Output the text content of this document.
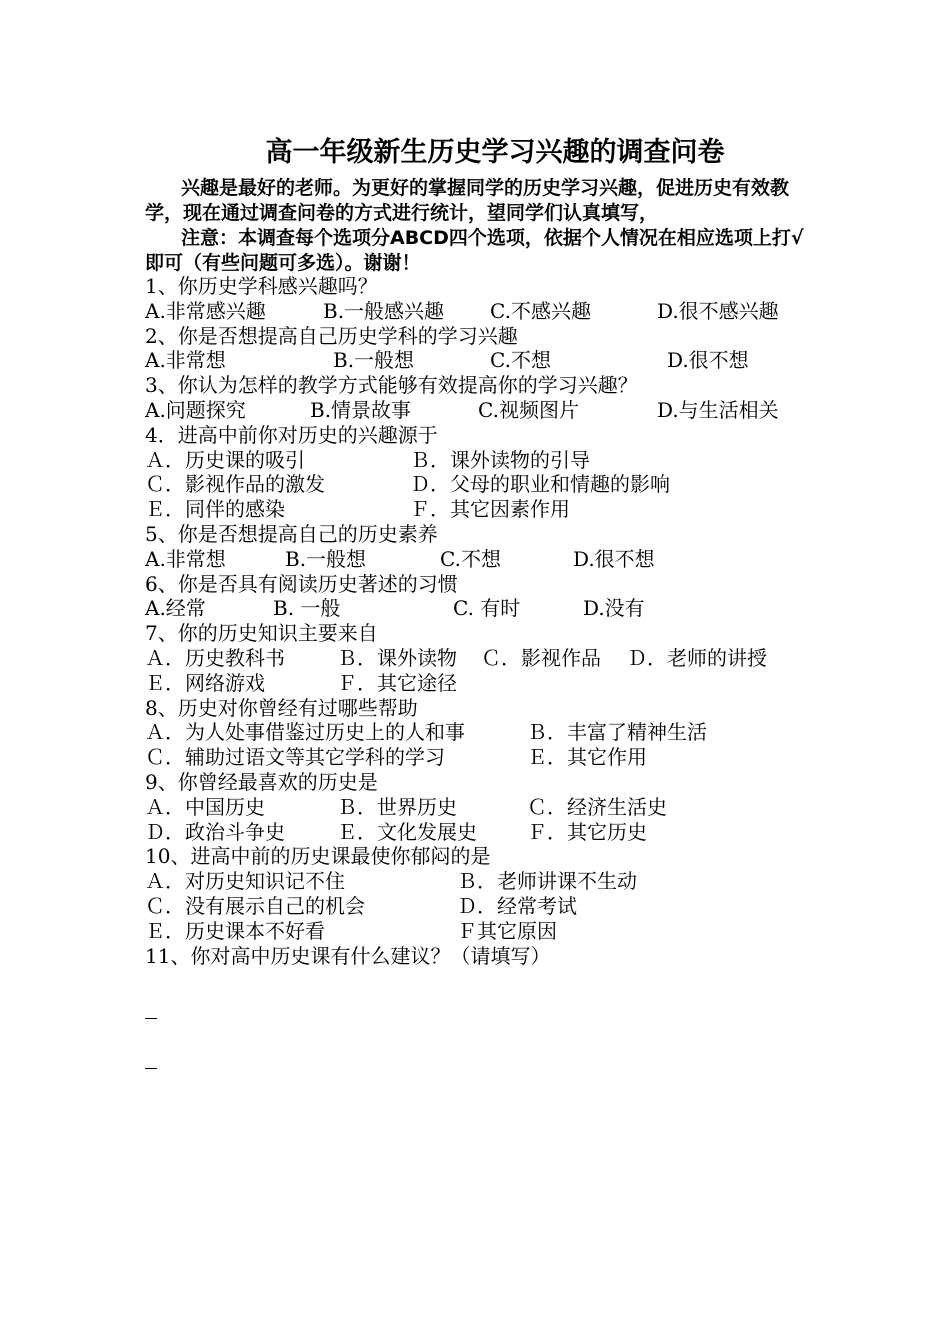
高一年级新生历史学习兴趣的调查问卷

兴趣是最好的老师。为更好的掌握同学的历史学习兴趣，促进历史有效教学，现在通过调查问卷的方式进行统计，望同学们认真填写，

注意：本调查每个选项分ABCD四个选项，依据个人情况在相应选项上打√即可（有些问题可多选）。谢谢！

1、你历史学科感兴趣吗？
A.非常感兴趣	B.一般感兴趣 C.不感兴趣	D.很不感兴趣
2、你是否想提高自己历史学科的学习兴趣
A.非常想	B.一般想	C.不想	D.很不想
3、你认为怎样的教学方式能够有效提高你的学习兴趣？
A.问题探究	B.情景故事	C.视频图片	D.与生活相关
4．进高中前你对历史的兴趣源于
Ａ．历史课的吸引	Ｂ．课外读物的引导
Ｃ．影视作品的激发	Ｄ．父母的职业和情趣的影响
Ｅ．同伴的感染	Ｆ．其它因素作用
5、你是否想提高自己的历史素养
A.非常想	B.一般想	C.不想	D.很不想
6、你是否具有阅读历史著述的习惯
A.经常	B. 一般	C. 有时	D.没有
7、你的历史知识主要来自
Ａ．历史教科书	Ｂ．课外读物 Ｃ．影视作品 Ｄ．老师的讲授
Ｅ．网络游戏	Ｆ．其它途径
8、历史对你曾经有过哪些帮助
Ａ．为人处事借鉴过历史上的人和事	Ｂ．丰富了精神生活
Ｃ．辅助过语文等其它学科的学习	Ｅ．其它作用
9、你曾经最喜欢的历史是
Ａ．中国历史	Ｂ．世界历史	Ｃ．经济生活史
Ｄ．政治斗争史	Ｅ．文化发展史	Ｆ．其它历史
10、进高中前的历史课最使你郁闷的是
Ａ．对历史知识记不住	Ｂ．老师讲课不生动
Ｃ．没有展示自己的机会	Ｄ．经常考试
Ｅ．历史课本不好看	Ｆ其它原因
11、你对高中历史课有什么建议？（请填写）
